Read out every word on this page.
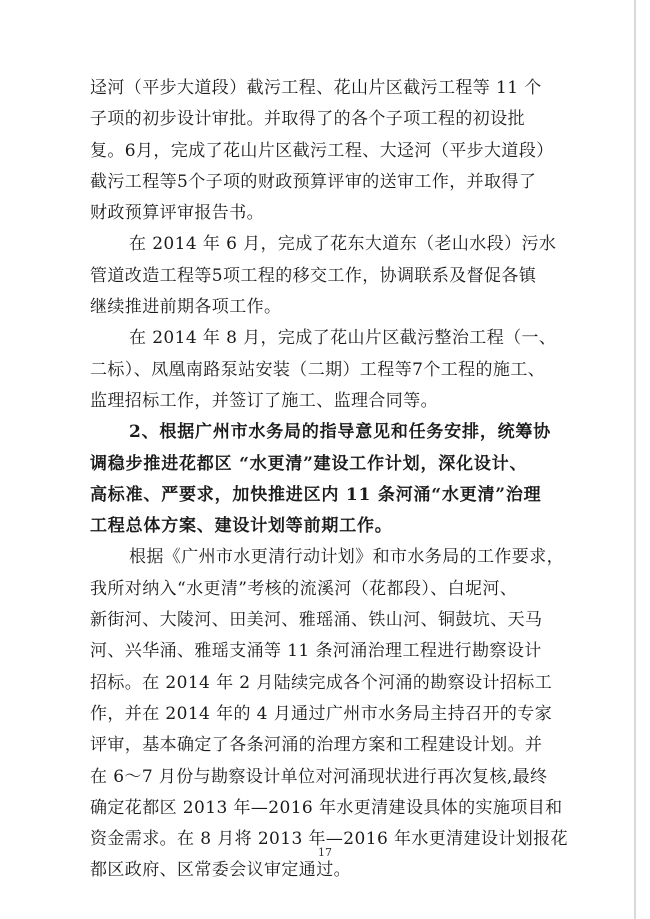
迳河（平步大道段）截污工程、花山片区截污工程等 11 个
子项的初步设计审批。并取得了的各个子项工程的初设批
复。6月，完成了花山片区截污工程、大迳河（平步大道段）
截污工程等5个子项的财政预算评审的送审工作，并取得了
财政预算评审报告书。
在 2014 年 6 月，完成了花东大道东（老山水段）污水
管道改造工程等5项工程的移交工作，协调联系及督促各镇
继续推进前期各项工作。
在 2014 年 8 月，完成了花山片区截污整治工程（一、
二标）、凤凰南路泵站安装（二期）工程等7个工程的施工、
监理招标工作，并签订了施工、监理合同等。
2、根据广州市水务局的指导意见和任务安排，统筹协
调稳步推进花都区 “水更清”建设工作计划，深化设计、
高标准、严要求，加快推进区内 11 条河涌“水更清”治理
工程总体方案、建设计划等前期工作。
根据《广州市水更清行动计划》和市水务局的工作要求，
我所对纳入“水更清”考核的流溪河（花都段）、白坭河、
新街河、大陵河、田美河、雅瑶涌、铁山河、铜鼓坑、天马
河、兴华涌、雅瑶支涌等 11 条河涌治理工程进行勘察设计
招标。在 2014 年 2 月陆续完成各个河涌的勘察设计招标工
作，并在 2014 年的 4 月通过广州市水务局主持召开的专家
评审，基本确定了各条河涌的治理方案和工程建设计划。并
在 6～7 月份与勘察设计单位对河涌现状进行再次复核,最终
确定花都区 2013 年—2016 年水更清建设具体的实施项目和
资金需求。在 8 月将 2013 年—2016 年水更清建设计划报花
都区政府、区常委会议审定通过。
17
